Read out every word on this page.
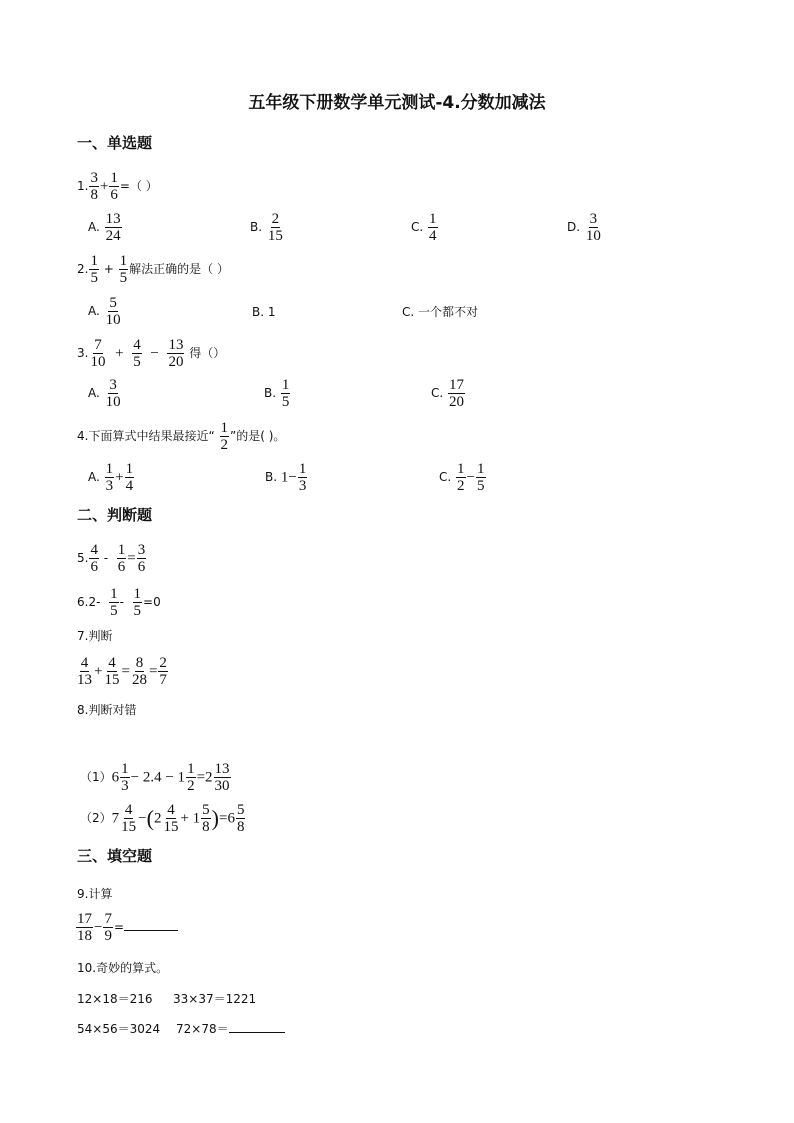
五年级下册数学单元测试-4.分数加减法
一、单选题
1. $\frac{3}{8} + \frac{1}{6}$ =（ ）
A. $\frac{13}{24}$	B. $\frac{2}{15}$	C. $\frac{1}{4}$	D. $\frac{3}{10}$
2. $\frac{1}{5} + \frac{1}{5}$ 解法正确的是（ ）
A. $\frac{5}{10}$	B. 1	C. 一个都不对
3. $\frac{7}{10} + \frac{4}{5} - \frac{13}{20}$ 得（）
A. $\frac{3}{10}$	B. $\frac{1}{5}$	C. $\frac{17}{20}$
4.下面算式中结果最接近“ $\frac{1}{2}$ ”的是( )。
A. $\frac{1}{3} + \frac{1}{4}$	B. $1- \frac{1}{3}$	C. $\frac{1}{2} - \frac{1}{5}$
二、判断题
5. $\frac{4}{6} - \frac{1}{6} = \frac{3}{6}$
$6.2- \frac{1}{5} - \frac{1}{5} =0$
7.判断
$\frac{4}{13} + \frac{4}{15} = \frac{8}{28} = \frac{2}{7}$
8.判断对错
$(1)6 \frac{1}{3} - 2.4 - 1 \frac{1}{2} =2 \frac{13}{30}$
$(2)7 \frac{4}{15} -(2 \frac{4}{15} + 1 \frac{5}{8} )=6 \frac{5}{8}$
三、填空题
9.计算
$\frac{17}{18} - \frac{7}{9}$ =
10.奇妙的算式。
12×18＝216 33×37＝1221
54×56＝3024 72×78＝
